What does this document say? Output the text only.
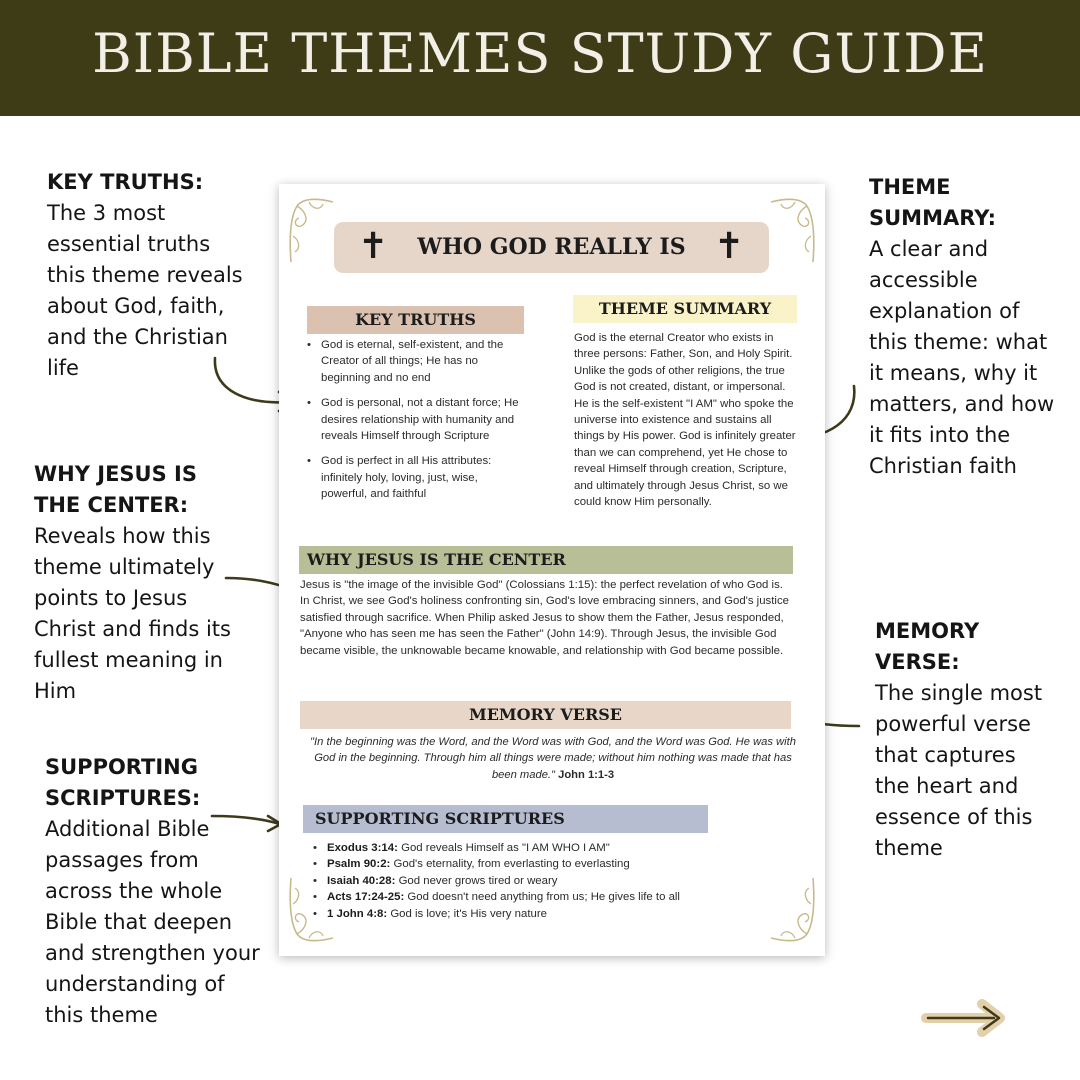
BIBLE THEMES STUDY GUIDE
KEY TRUTHS:
The 3 most essential truths this theme reveals about God, faith, and the Christian life
WHY JESUS IS THE CENTER:
Reveals how this theme ultimately points to Jesus Christ and finds its fullest meaning in Him
SUPPORTING SCRIPTURES:
Additional Bible passages from across the whole Bible that deepen and strengthen your understanding of this theme
THEME SUMMARY:
A clear and accessible explanation of this theme: what it means, why it matters, and how it fits into the Christian faith
MEMORY VERSE:
The single most powerful verse that captures the heart and essence of this theme
✝	WHO GOD REALLY IS ✝
KEY TRUTHS
• God is eternal, self-existent, and the Creator of all things; He has no beginning and no end
• God is personal, not a distant force; He desires relationship with humanity and reveals Himself through Scripture
• God is perfect in all His attributes: infinitely holy, loving, just, wise, powerful, and faithful
THEME SUMMARY

God is the eternal Creator who exists in three persons: Father, Son, and Holy Spirit. Unlike the gods of other religions, the true God is not created, distant, or impersonal. He is the self-existent "I AM" who spoke the universe into existence and sustains all things by His power. God is infinitely greater than we can comprehend, yet He chose to reveal Himself through creation, Scripture, and ultimately through Jesus Christ, so we could know Him personally.

WHY JESUS IS THE CENTER

Jesus is "the image of the invisible God" (Colossians 1:15): the perfect revelation of who God is. In Christ, we see God's holiness confronting sin, God's love embracing sinners, and God's justice satisfied through sacrifice. When Philip asked Jesus to show them the Father, Jesus responded, "Anyone who has seen me has seen the Father" (John 14:9). Through Jesus, the invisible God became visible, the unknowable became knowable, and relationship with God became possible.

MEMORY VERSE

"In the beginning was the Word, and the Word was with God, and the Word was God. He was with God in the beginning. Through him all things were made; without him nothing was made that has been made." John 1:1-3

SUPPORTING SCRIPTURES
• Exodus 3:14: God reveals Himself as "I AM WHO I AM"
• Psalm 90:2: God's eternality, from everlasting to everlasting
• Isaiah 40:28: God never grows tired or weary
• Acts 17:24-25: God doesn't need anything from us; He gives life to all
• 1 John 4:8: God is love; it's His very nature
